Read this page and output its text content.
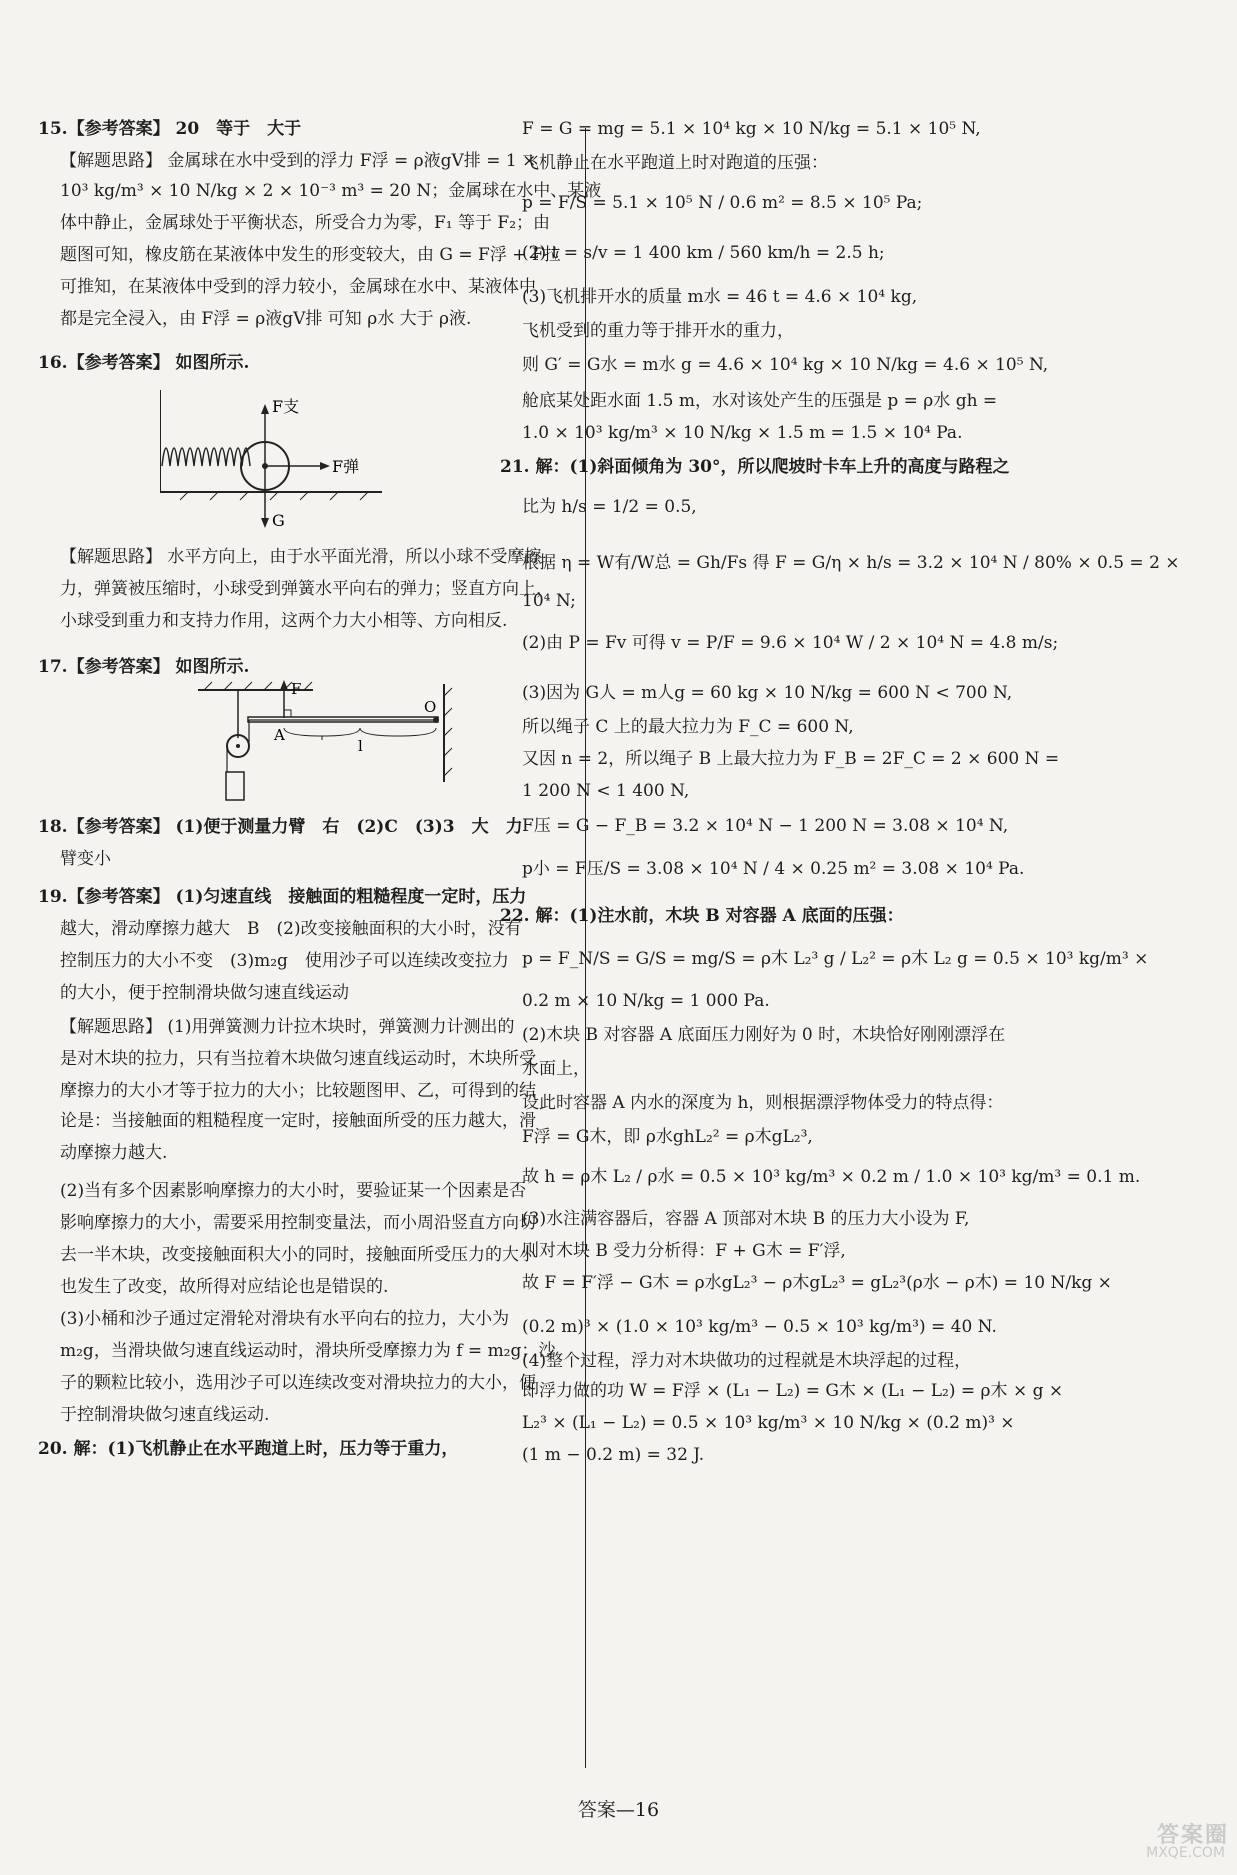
15.【参考答案】 20　等于　大于
【解题思路】 金属球在水中受到的浮力 F浮 = ρ液gV排 = 1 ×
10³ kg/m³ × 10 N/kg × 2 × 10⁻³ m³ = 20 N；金属球在水中、某液
体中静止，金属球处于平衡状态，所受合力为零，F₁ 等于 F₂；由
题图可知，橡皮筋在某液体中发生的形变较大，由 G = F浮 + F拉
可推知，在某液体中受到的浮力较小，金属球在水中、某液体中
都是完全浸入，由 F浮 = ρ液gV排 可知 ρ水 大于 ρ液.
16.【参考答案】 如图所示.
【解题思路】 水平方向上，由于水平面光滑，所以小球不受摩擦
力，弹簧被压缩时，小球受到弹簧水平向右的弹力；竖直方向上，
小球受到重力和支持力作用，这两个力大小相等、方向相反.
17.【参考答案】 如图所示.
18.【参考答案】 (1)便于测量力臂　右　(2)C　(3)3　大　力
臂变小
19.【参考答案】 (1)匀速直线　接触面的粗糙程度一定时，压力
越大，滑动摩擦力越大　B　(2)改变接触面积的大小时，没有
控制压力的大小不变　(3)m₂g　使用沙子可以连续改变拉力
的大小，便于控制滑块做匀速直线运动
【解题思路】 (1)用弹簧测力计拉木块时，弹簧测力计测出的
是对木块的拉力，只有当拉着木块做匀速直线运动时，木块所受
摩擦力的大小才等于拉力的大小；比较题图甲、乙，可得到的结
论是：当接触面的粗糙程度一定时，接触面所受的压力越大，滑
动摩擦力越大.
(2)当有多个因素影响摩擦力的大小时，要验证某一个因素是否
影响摩擦力的大小，需要采用控制变量法，而小周沿竖直方向切
去一半木块，改变接触面积大小的同时，接触面所受压力的大小
也发生了改变，故所得对应结论也是错误的.
(3)小桶和沙子通过定滑轮对滑块有水平向右的拉力，大小为
m₂g，当滑块做匀速直线运动时，滑块所受摩擦力为 f = m₂g；沙
子的颗粒比较小，选用沙子可以连续改变对滑块拉力的大小，便
于控制滑块做匀速直线运动.
20. 解：(1)飞机静止在水平跑道上时，压力等于重力，
F = G = mg = 5.1 × 10⁴ kg × 10 N/kg = 5.1 × 10⁵ N,
飞机静止在水平跑道上时对跑道的压强：
p = F/S = 5.1 × 10⁵ N / 0.6 m² = 8.5 × 10⁵ Pa;
(2) t = s/v = 1 400 km / 560 km/h = 2.5 h;
(3)飞机排开水的质量 m水 = 46 t = 4.6 × 10⁴ kg,
飞机受到的重力等于排开水的重力，
则 G′ = G水 = m水 g = 4.6 × 10⁴ kg × 10 N/kg = 4.6 × 10⁵ N,
舱底某处距水面 1.5 m，水对该处产生的压强是 p = ρ水 gh =
1.0 × 10³ kg/m³ × 10 N/kg × 1.5 m = 1.5 × 10⁴ Pa.
21. 解：(1)斜面倾角为 30°，所以爬坡时卡车上升的高度与路程之
比为 h/s = 1/2 = 0.5,
根据 η = W有/W总 = Gh/Fs 得 F = G/η × h/s = 3.2 × 10⁴ N / 80% × 0.5 = 2 ×
10⁴ N;
(2)由 P = Fv 可得 v = P/F = 9.6 × 10⁴ W / 2 × 10⁴ N = 4.8 m/s;
(3)因为 G人 = m人g = 60 kg × 10 N/kg = 600 N < 700 N,
所以绳子 C 上的最大拉力为 F_C = 600 N,
又因 n = 2，所以绳子 B 上最大拉力为 F_B = 2F_C = 2 × 600 N =
1 200 N < 1 400 N,
F压 = G − F_B = 3.2 × 10⁴ N − 1 200 N = 3.08 × 10⁴ N,
p小 = F压/S = 3.08 × 10⁴ N / 4 × 0.25 m² = 3.08 × 10⁴ Pa.
22. 解：(1)注水前，木块 B 对容器 A 底面的压强：
p = F_N/S = G/S = mg/S = ρ木 L₂³ g / L₂² = ρ木 L₂ g = 0.5 × 10³ kg/m³ ×
0.2 m × 10 N/kg = 1 000 Pa.
(2)木块 B 对容器 A 底面压力刚好为 0 时，木块恰好刚刚漂浮在
水面上，
设此时容器 A 内水的深度为 h，则根据漂浮物体受力的特点得：
F浮 = G木，即 ρ水ghL₂² = ρ木gL₂³,
故 h = ρ木 L₂ / ρ水 = 0.5 × 10³ kg/m³ × 0.2 m / 1.0 × 10³ kg/m³ = 0.1 m.
(3)水注满容器后，容器 A 顶部对木块 B 的压力大小设为 F,
则对木块 B 受力分析得：F + G木 = F′浮,
故 F = F′浮 − G木 = ρ水gL₂³ − ρ木gL₂³ = gL₂³(ρ水 − ρ木) = 10 N/kg ×
(0.2 m)³ × (1.0 × 10³ kg/m³ − 0.5 × 10³ kg/m³) = 40 N.
(4)整个过程，浮力对木块做功的过程就是木块浮起的过程，
即浮力做的功 W = F浮 × (L₁ − L₂) = G木 × (L₁ − L₂) = ρ木 × g ×
L₂³ × (L₁ − L₂) = 0.5 × 10³ kg/m³ × 10 N/kg × (0.2 m)³ ×
(1 m − 0.2 m) = 32 J.
F支
F弹
G
F
A
O
l
答案—16
答案圈
MXQE.COM
